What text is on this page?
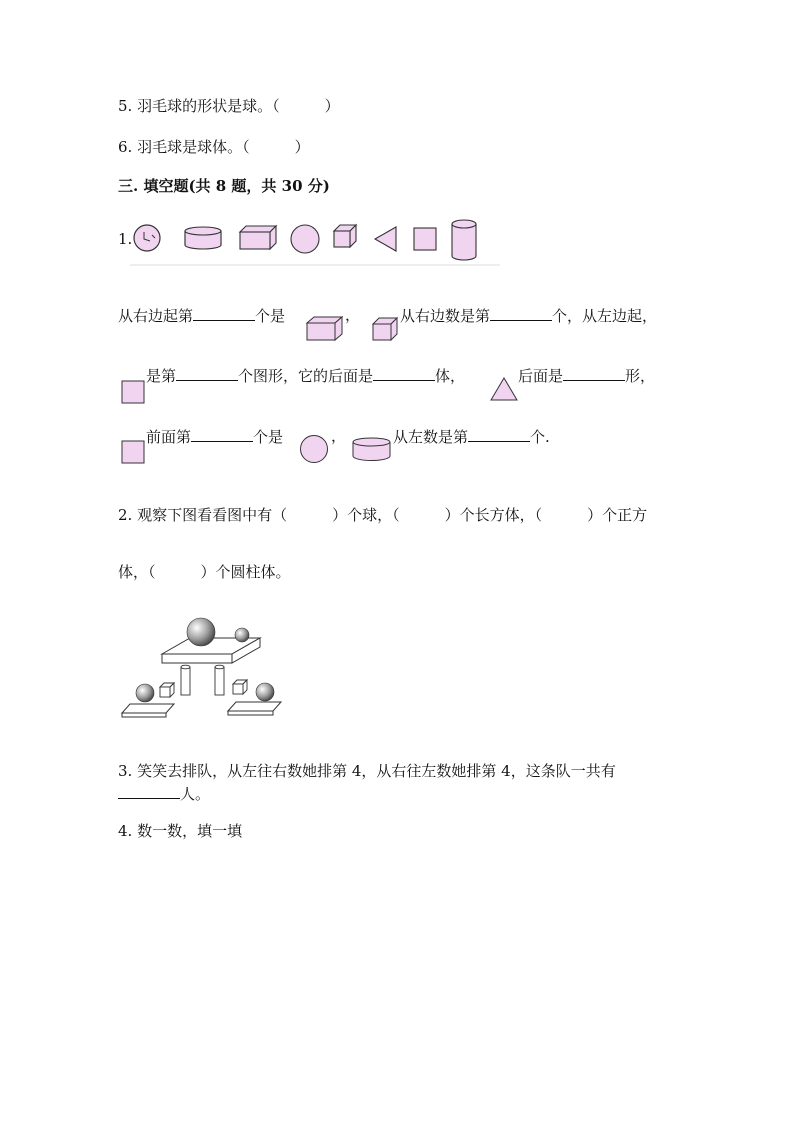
5. 羽毛球的形状是球。（　　　）
6. 羽毛球是球体。（　　　）
三. 填空题(共 8 题，共 30 分)
1.
从右边起第	个是	，	从右边数是第	个，从左边起，
是第	个图形，它的后面是	体，	后面是	形，
前面第	个是	，	从左数是第	个.
2. 观察下图看看图中有（　　　）个球，（　　　）个长方体，（　　　）个正方
体，（　　　）个圆柱体。
3. 笑笑去排队，从左往右数她排第 4，从右往左数她排第 4，这条队一共有
人。
4. 数一数，填一填
